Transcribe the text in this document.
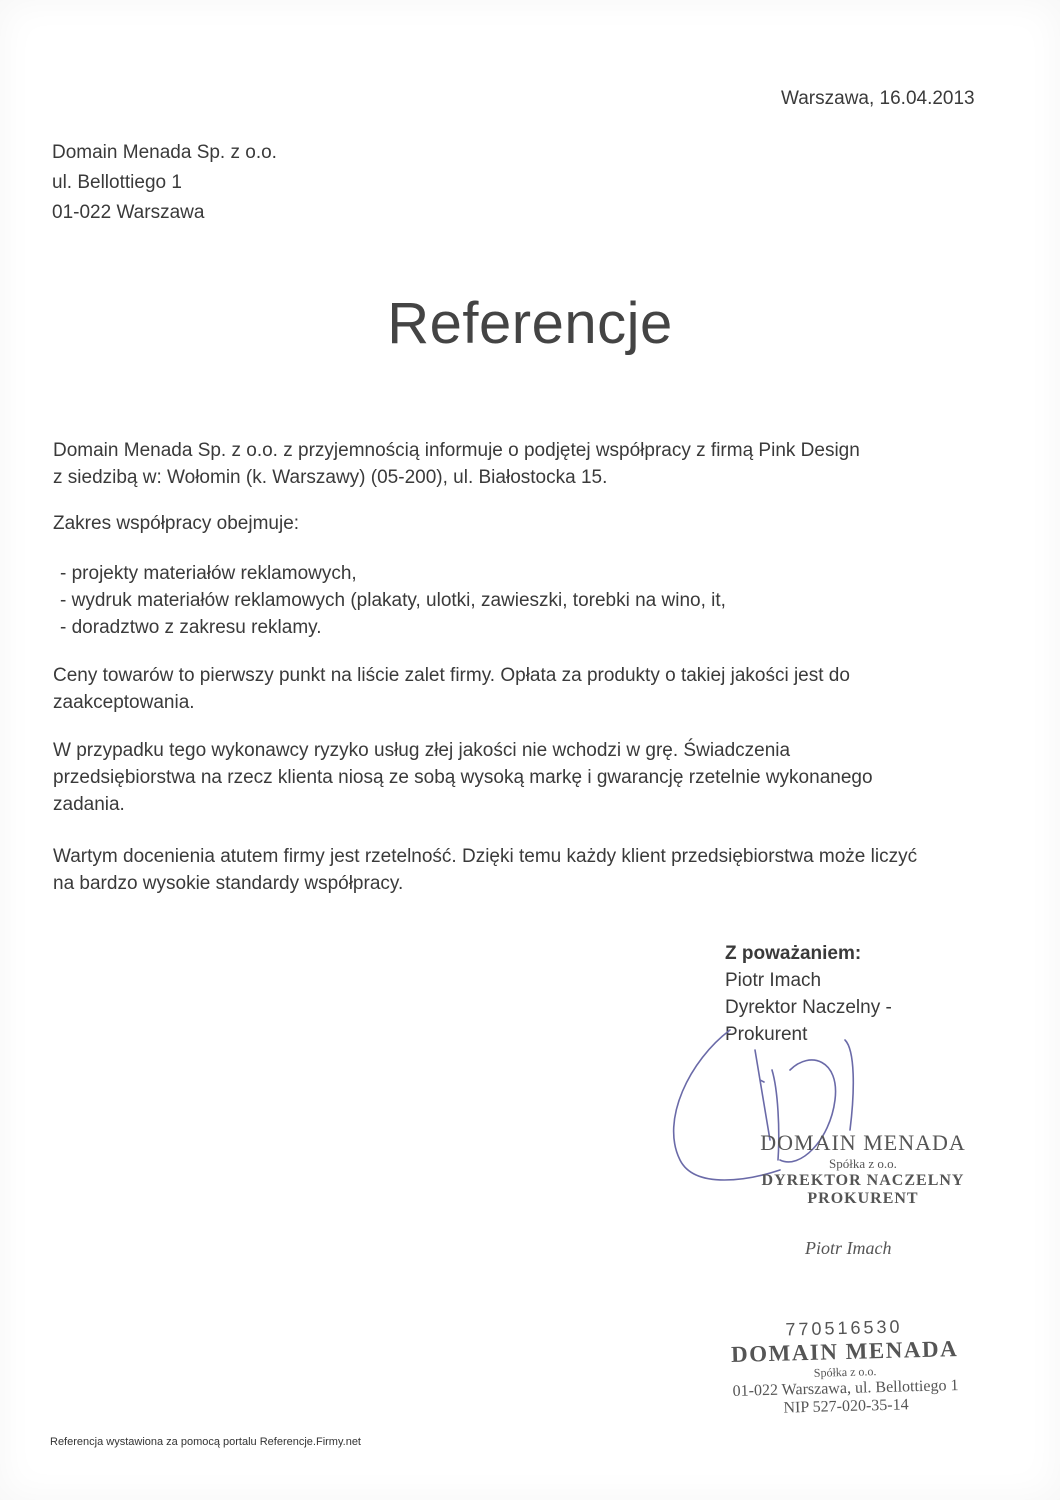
Warszawa, 16.04.2013
Domain Menada Sp. z o.o.
ul. Bellottiego 1
01-022 Warszawa
Referencje

Domain Menada Sp. z o.o. z przyjemnością informuje o podjętej współpracy z firmą Pink Design

z siedzibą w: Wołomin (k. Warszawy) (05-200), ul. Białostocka 15.

Zakres współpracy obejmuje:

- projekty materiałów reklamowych,

- wydruk materiałów reklamowych (plakaty, ulotki, zawieszki, torebki na wino, it,

- doradztwo z zakresu reklamy.

Ceny towarów to pierwszy punkt na liście zalet firmy. Opłata za produkty o takiej jakości jest do

zaakceptowania.

W przypadku tego wykonawcy ryzyko usług złej jakości nie wchodzi w grę. Świadczenia

przedsiębiorstwa na rzecz klienta niosą ze sobą wysoką markę i gwarancję rzetelnie wykonanego

zadania.

Wartym docenienia atutem firmy jest rzetelność. Dzięki temu każdy klient przedsiębiorstwa może liczyć

na bardzo wysokie standardy współpracy.

Z poważaniem:
Piotr Imach
Dyrektor Naczelny -
Prokurent
DOMAIN MENADA
Spółka z o.o.
DYREKTOR NACZELNY
PROKURENT
Piotr Imach
770516530
DOMAIN MENADA
Spółka z o.o.
01-022 Warszawa, ul. Bellottiego 1
NIP 527-020-35-14
Referencja wystawiona za pomocą portalu Referencje.Firmy.net
